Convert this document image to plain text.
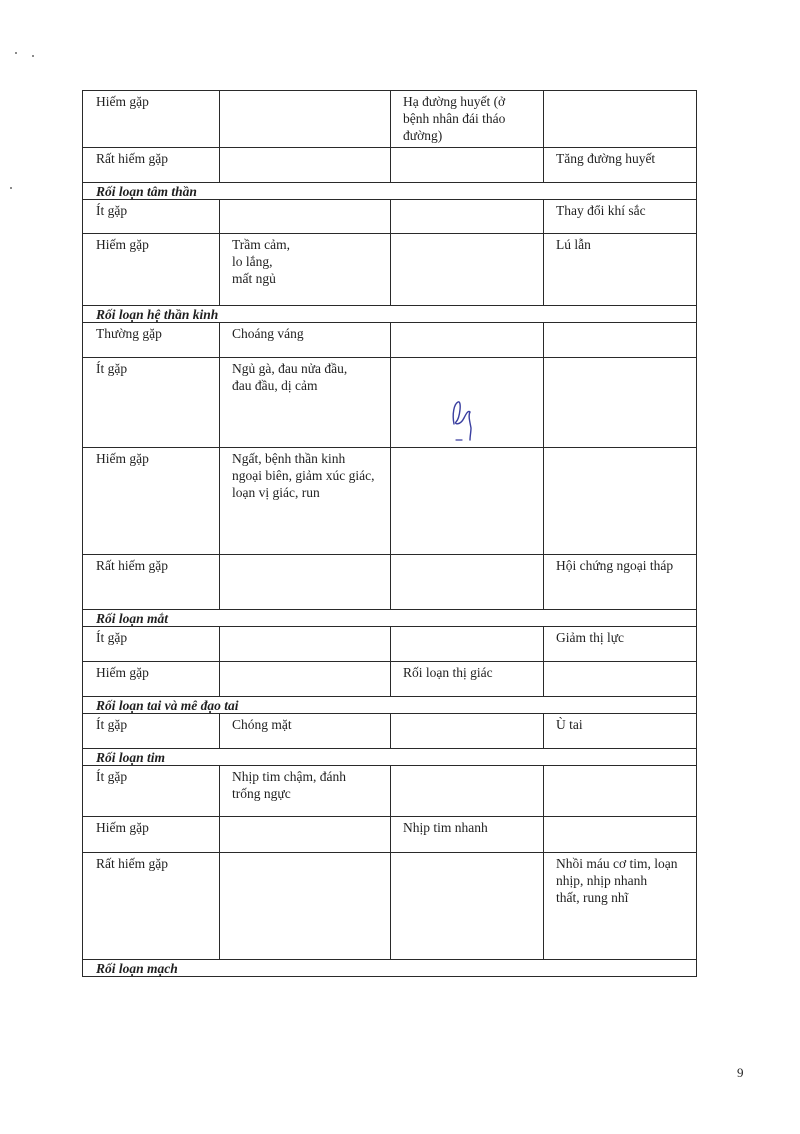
Hiếm gặp		Hạ đường huyết (ở
bệnh nhân đái tháo
đường)	
Rất hiếm gặp			Tăng đường huyết
Rối loạn tâm thần			
Ít gặp			Thay đổi khí sắc
Hiếm gặp	Trầm cảm,
lo lắng,
mất ngủ		Lú lẫn
Rối loạn hệ thần kinh			
Thường gặp	Choáng váng		
Ít gặp	Ngủ gà, đau nửa đầu,
đau đầu, dị cảm		
Hiếm gặp	Ngất, bệnh thần kinh
ngoại biên, giảm xúc giác,
loạn vị giác, run		
Rất hiếm gặp			Hội chứng ngoại tháp
Rối loạn mắt			
Ít gặp			Giảm thị lực
Hiếm gặp		Rối loạn thị giác	
Rối loạn tai và mê đạo tai			
Ít gặp	Chóng mặt		Ù tai
Rối loạn tim			
Ít gặp	Nhịp tim chậm, đánh
trống ngực		
Hiếm gặp		Nhịp tim nhanh	
Rất hiếm gặp			Nhồi máu cơ tim, loạn
nhịp, nhịp nhanh
thất, rung nhĩ
Rối loạn mạch			
9
